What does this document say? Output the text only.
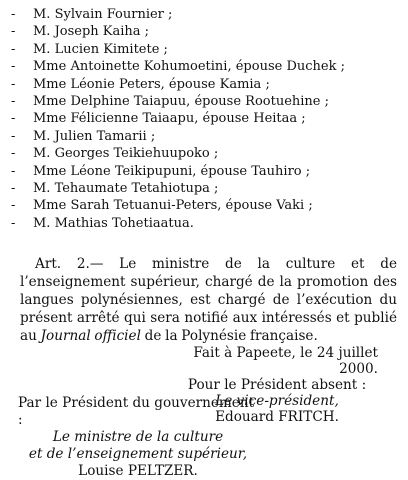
-	M. Sylvain Fournier ;
-	M. Joseph Kaiha ;
-	M. Lucien Kimitete ;
-	Mme Antoinette Kohumoetini, épouse Duchek ;
-	Mme Léonie Peters, épouse Kamia ;
-	Mme Delphine Taiapuu, épouse Rootuehine ;
-	Mme Félicienne Taiaapu, épouse Heitaa ;
-	M. Julien Tamarii ;
-	M. Georges Teikiehuupoko ;
-	Mme Léone Teikipupuni, épouse Tauhiro ;
-	M. Tehaumate Tetahiotupa ;
-	Mme Sarah Tetuanui-Peters, épouse Vaki ;
-	M. Mathias Tohetiaatua.
Art. 2.— Le ministre de la culture et de l’enseignement supérieur, chargé de la promotion des langues polynésiennes, est chargé de l’exécution du présent arrêté qui sera notifié aux intéressés et publié au Journal officiel de la Polynésie française.
Fait à Papeete, le 24 juillet 2000.
Pour le Président absent :
Le vice-président,
Edouard FRITCH.
Par le Président du gouvernement :
Le ministre de la culture
et de l’enseignement supérieur,
Louise PELTZER.
